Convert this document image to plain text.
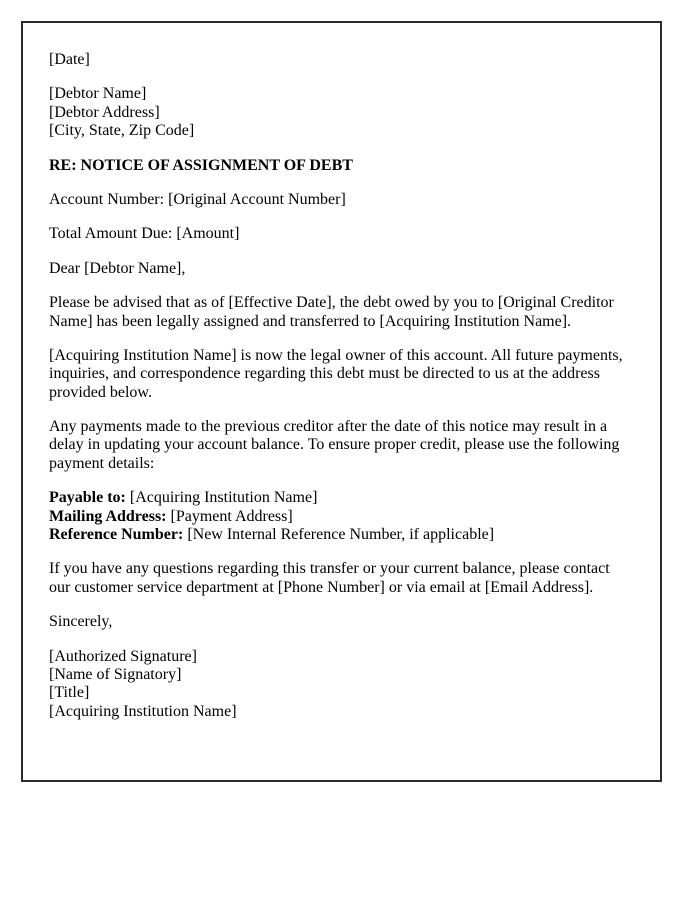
[Date]

[Debtor Name]
[Debtor Address]
[City, State, Zip Code]

RE: NOTICE OF ASSIGNMENT OF DEBT

Account Number: [Original Account Number]

Total Amount Due: [Amount]

Dear [Debtor Name],

Please be advised that as of [Effective Date], the debt owed by you to [Original Creditor Name] has been legally assigned and transferred to [Acquiring Institution Name].

[Acquiring Institution Name] is now the legal owner of this account. All future payments, inquiries, and correspondence regarding this debt must be directed to us at the address provided below.

Any payments made to the previous creditor after the date of this notice may result in a delay in updating your account balance. To ensure proper credit, please use the following payment details:

Payable to: [Acquiring Institution Name]
Mailing Address: [Payment Address]
Reference Number: [New Internal Reference Number, if applicable]

If you have any questions regarding this transfer or your current balance, please contact our customer service department at [Phone Number] or via email at [Email Address].

Sincerely,

[Authorized Signature]
[Name of Signatory]
[Title]
[Acquiring Institution Name]
